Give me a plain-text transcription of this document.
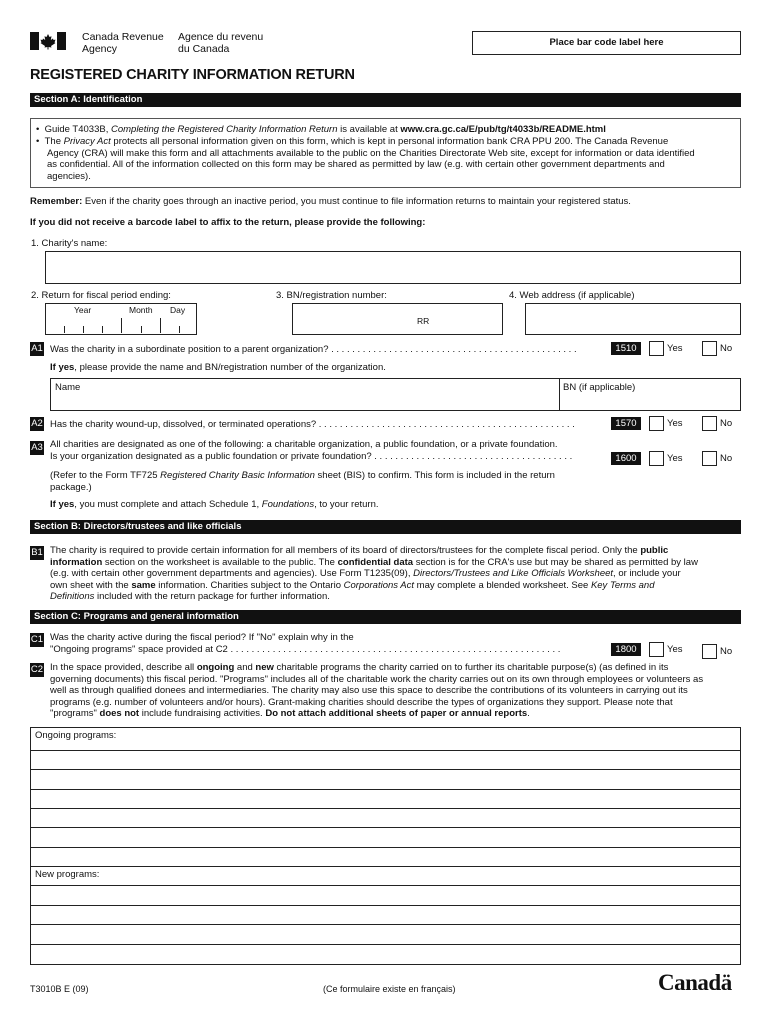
Canada Revenue
Agency
Agence du revenu
du Canada
Place bar code label here
REGISTERED CHARITY INFORMATION RETURN
Section A: Identification
•  Guide T4033B, Completing the Registered Charity Information Return is available at www.cra.gc.ca/E/pub/tg/t4033b/README.html
•  The Privacy Act protects all personal information given on this form, which is kept in personal information bank CRA PPU 200. The Canada Revenue
Agency (CRA) will make this form and all attachments available to the public on the Charities Directorate Web site, except for information or data identified
as confidential. All of the information collected on this form may be shared as permitted by law (e.g. with certain other government departments and
agencies).
Remember: Even if the charity goes through an inactive period, you must continue to file information returns to maintain your registered status.
If you did not receive a barcode label to affix to the return, please provide the following:
1. Charity's name:
2. Return for fiscal period ending:
Year	Month Day
3. BN/registration number:
RR
4. Web address (if applicable)
A1 Was the charity in a subordinate position to a parent organization? . . . . . . . . . . . . . . . . . . . . . . . . . . . . . . . . . . . . . . . . . . . . . . .	1510	Yes	No
If yes, please provide the name and BN/registration number of the organization.
Name	BN (if applicable)
A2 Has the charity wound-up, dissolved, or terminated operations? . . . . . . . . . . . . . . . . . . . . . . . . . . . . . . . . . . . . . . . . . . . . . . . . .	1570	Yes	No
A3 All charities are designated as one of the following: a charitable organization, a public foundation, or a private foundation.
Is your organization designated as a public foundation or private foundation? . . . . . . . . . . . . . . . . . . . . . . . . . . . . . . . . . . . . . .	1600	Yes	No
(Refer to the Form TF725 Registered Charity Basic Information sheet (BIS) to confirm. This form is included in the return
package.)
If yes, you must complete and attach Schedule 1, Foundations, to your return.
Section B: Directors/trustees and like officials
B1 The charity is required to provide certain information for all members of its board of directors/trustees for the complete fiscal period. Only the public
information section on the worksheet is available to the public. The confidential data section is for the CRA's use but may be shared as permitted by law
(e.g. with certain other government departments and agencies). Use Form T1235(09), Directors/Trustees and Like Officials Worksheet, or include your
own sheet with the same information. Charities subject to the Ontario Corporations Act may complete a blended worksheet. See Key Terms and
Definitions included with the return package for further information.
Section C: Programs and general information
C1 Was the charity active during the fiscal period? If "No" explain why in the
"Ongoing programs" space provided at C2 . . . . . . . . . . . . . . . . . . . . . . . . . . . . . . . . . . . . . . . . . . . . . . . . . . . . . . . . . . . . . . .	1800	Yes	No
C2 In the space provided, describe all ongoing and new charitable programs the charity carried on to further its charitable purpose(s) (as defined in its
governing documents) this fiscal period. "Programs" includes all of the charitable work the charity carries out on its own through employees or volunteers as
well as through qualified donees and intermediaries. The charity may also use this space to describe the contributions of its volunteers in carrying out its
programs (e.g. number of volunteers and/or hours). Grant-making charities should describe the types of organizations they support. Please note that
"programs" does not include fundraising activities. Do not attach additional sheets of paper or annual reports.
Ongoing programs:
New programs:
T3010B E (09)	(Ce formulaire existe en français)	Canadä
